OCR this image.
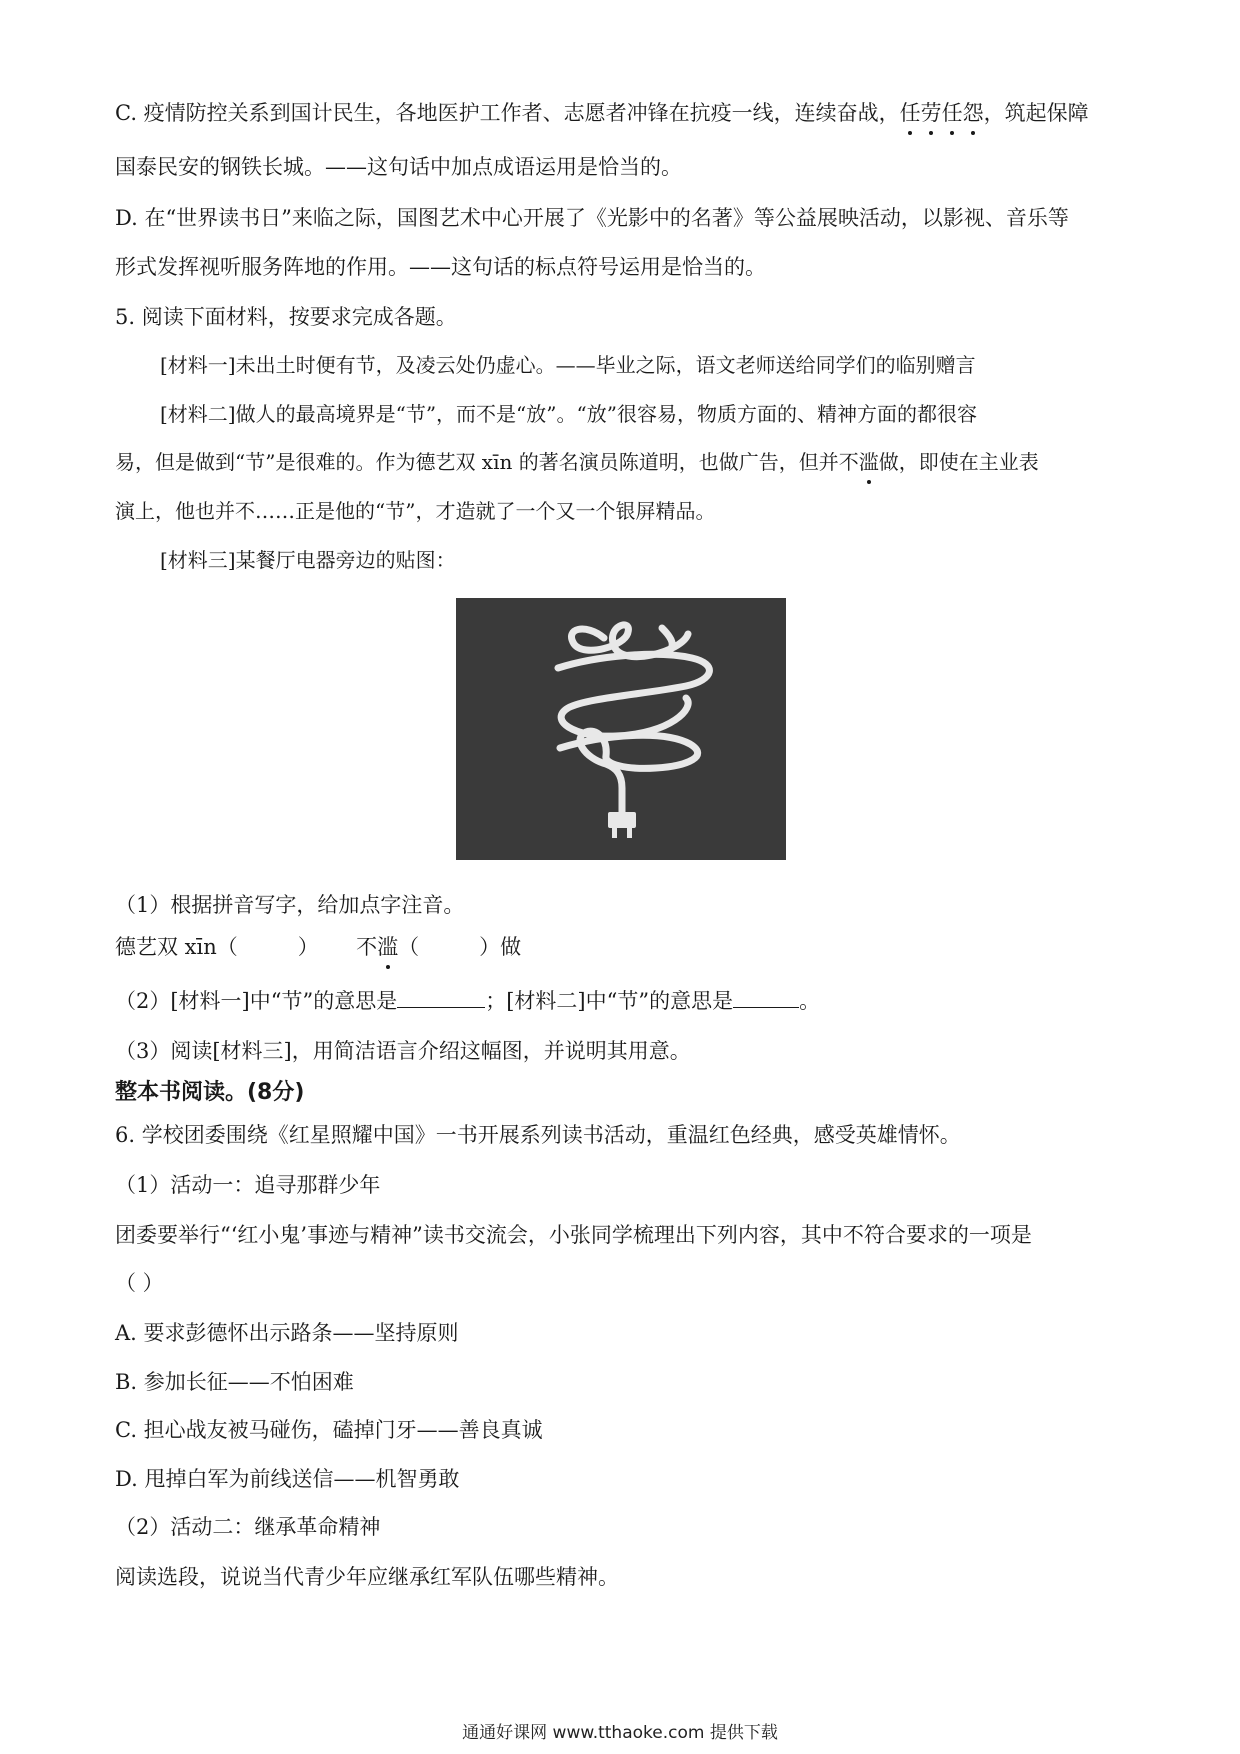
C. 疫情防控关系到国计民生，各地医护工作者、志愿者冲锋在抗疫一线，连续奋战，任劳任怨，筑起保障
国泰民安的钢铁长城。——这句话中加点成语运用是恰当的。
D. 在“世界读书日”来临之际，国图艺术中心开展了《光影中的名著》等公益展映活动，以影视、音乐等
形式发挥视听服务阵地的作用。——这句话的标点符号运用是恰当的。
5. 阅读下面材料，按要求完成各题。
[材料一]未出土时便有节，及凌云处仍虚心。——毕业之际，语文老师送给同学们的临别赠言
[材料二]做人的最高境界是“节”，而不是“放”。“放”很容易，物质方面的、精神方面的都很容
易，但是做到“节”是很难的。作为德艺双 xīn 的著名演员陈道明，也做广告，但并不滥做，即使在主业表
演上，他也并不……正是他的“节”，才造就了一个又一个银屏精品。
[材料三]某餐厅电器旁边的贴图：
（1）根据拼音写字，给加点字注音。
德艺双 xīn（	） 不滥（	）做
（2）[材料一]中“节”的意思是	；[材料二]中“节”的意思是	。
（3）阅读[材料三]，用简洁语言介绍这幅图，并说明其用意。
整本书阅读。(8分)
6. 学校团委围绕《红星照耀中国》一书开展系列读书活动，重温红色经典，感受英雄情怀。
（1）活动一：追寻那群少年
团委要举行“‘红小鬼’事迹与精神”读书交流会，小张同学梳理出下列内容，其中不符合要求的一项是
（ ）
A. 要求彭德怀出示路条——坚持原则
B. 参加长征——不怕困难
C. 担心战友被马碰伤，磕掉门牙——善良真诚
D. 甩掉白军为前线送信——机智勇敢
（2）活动二：继承革命精神
阅读选段，说说当代青少年应继承红军队伍哪些精神。
通通好课网 www.tthaoke.com 提供下载
